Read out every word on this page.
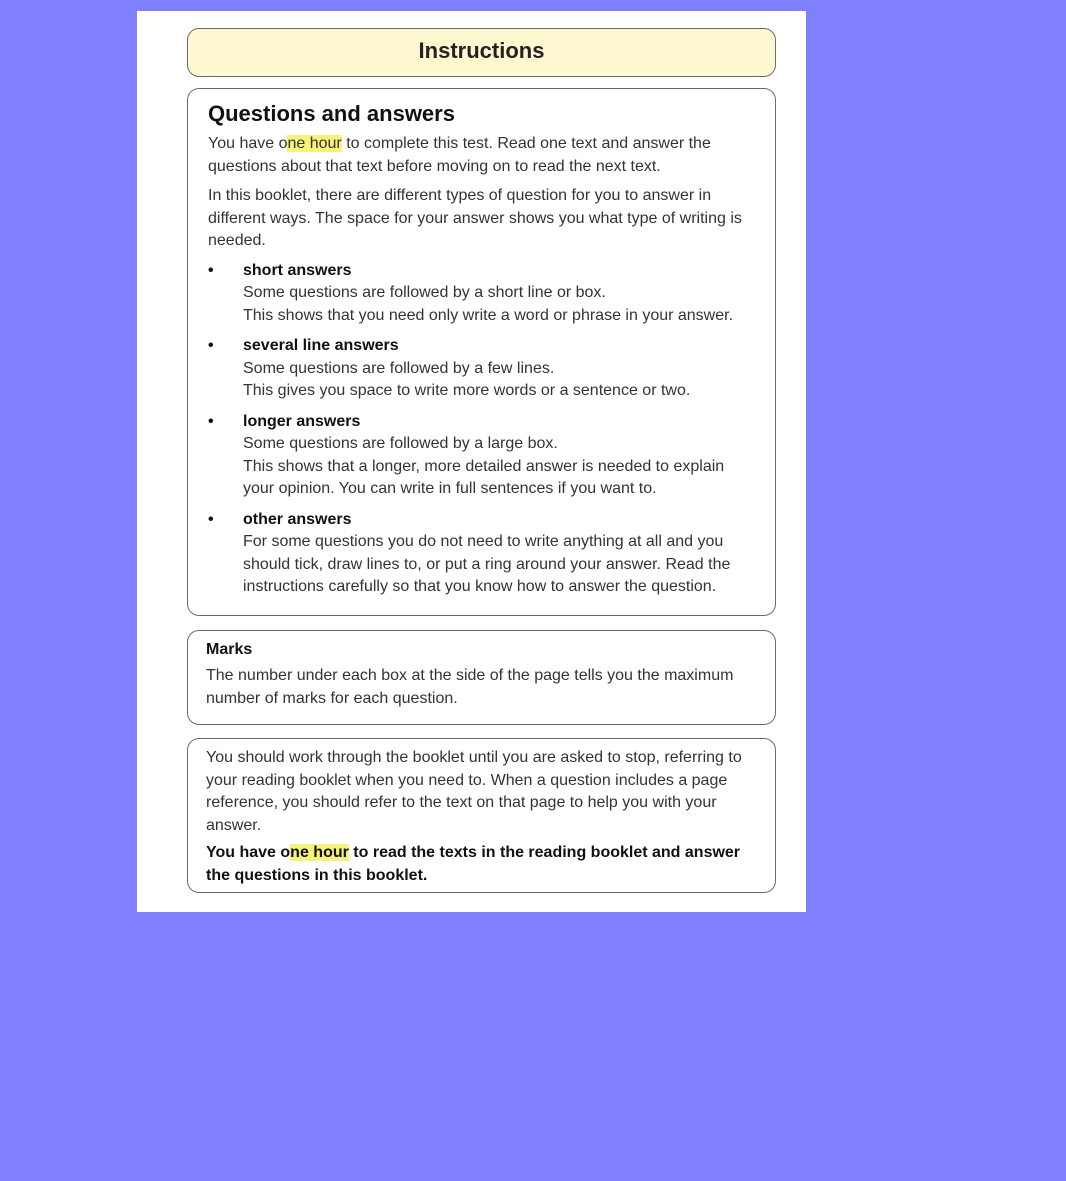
Instructions
Questions and answers

You have one hour to complete this test. Read one text and answer the questions about that text before moving on to read the next text.

In this booklet, there are different types of question for you to answer in different ways. The space for your answer shows you what type of writing is needed.

• short answers
Some questions are followed by a short line or box.
This shows that you need only write a word or phrase in your answer.
• several line answers
Some questions are followed by a few lines.
This gives you space to write more words or a sentence or two.
• longer answers
Some questions are followed by a large box.
This shows that a longer, more detailed answer is needed to explain your opinion. You can write in full sentences if you want to.
• other answers
For some questions you do not need to write anything at all and you should tick, draw lines to, or put a ring around your answer. Read the instructions carefully so that you know how to answer the question.
Marks

The number under each box at the side of the page tells you the maximum number of marks for each question.

You should work through the booklet until you are asked to stop, referring to your reading booklet when you need to. When a question includes a page reference, you should refer to the text on that page to help you with your answer.

You have one hour to read the texts in the reading booklet and answer the questions in this booklet.
